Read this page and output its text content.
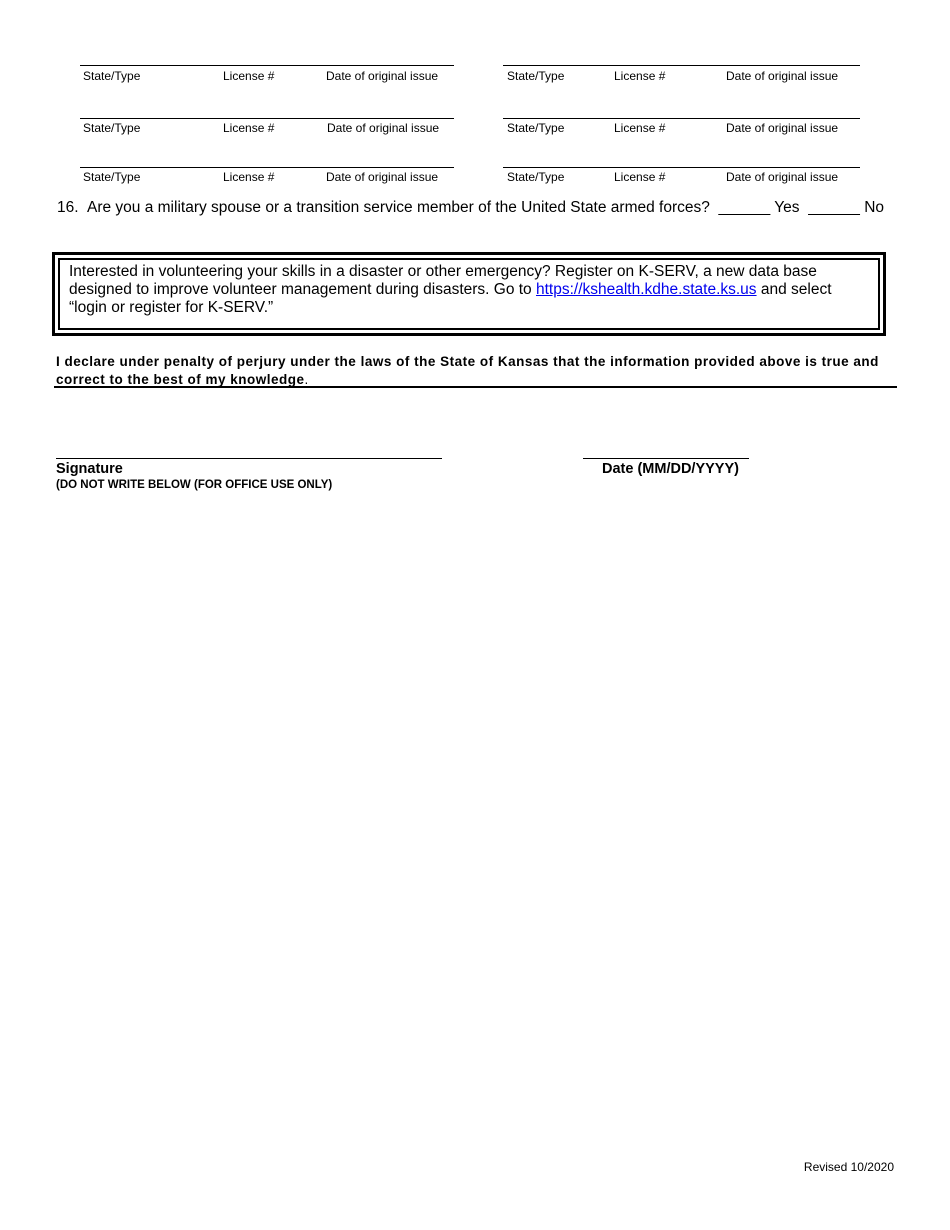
State/Type	License #	Date of original issue	State/Type	License #	Date of original issue
State/Type	License #	Date of original issue	State/Type	License #	Date of original issue
State/Type	License #	Date of original issue	State/Type	License #	Date of original issue
16. Are you a military spouse or a transition service member of the United State armed forces? ______ Yes ______ No
Interested in volunteering your skills in a disaster or other emergency? Register on K-SERV, a new data base designed to improve volunteer management during disasters. Go to https://kshealth.kdhe.state.ks.us and select “login or register for K-SERV.”
I declare under penalty of perjury under the laws of the State of Kansas that the information provided above is true and correct to the best of my knowledge.
Signature	Date (MM/DD/YYYY)
(DO NOT WRITE BELOW (FOR OFFICE USE ONLY)
Revised 10/2020
